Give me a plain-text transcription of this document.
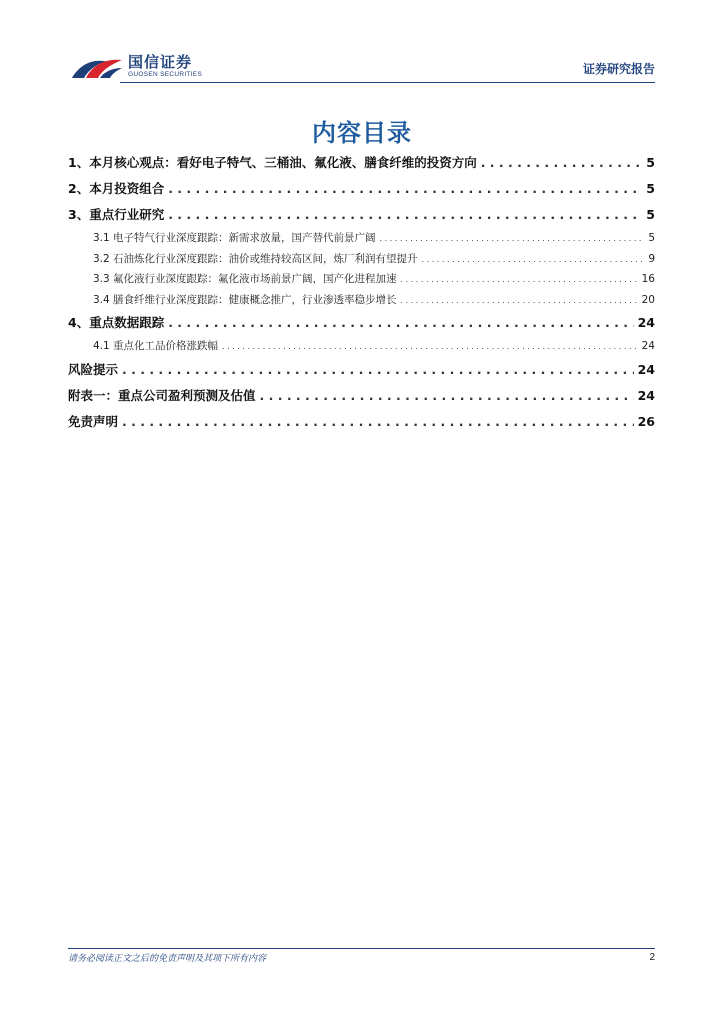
国信证券
GUOSEN SECURITIES	证券研究报告
内容目录
1、本月核心观点：看好电子特气、三桶油、氟化液、膳食纤维的投资方向 . . .	5
2、本月投资组合 . . .	5
3、重点行业研究 . . .	5
3.1 电子特气行业深度跟踪：新需求放量，国产替代前景广阔 . . .	5
3.2 石油炼化行业深度跟踪：油价或维持较高区间，炼厂利润有望提升 . . .	9
3.3 氟化液行业深度跟踪：氟化液市场前景广阔，国产化进程加速 . . .	16
3.4 膳食纤维行业深度跟踪：健康概念推广，行业渗透率稳步增长 . . .	20
4、重点数据跟踪 . . .	24
4.1 重点化工品价格涨跌幅 . . .	24
风险提示 . . .	24
附表一：重点公司盈利预测及估值 . . .	24
免责声明 . . .	26
请务必阅读正文之后的免责声明及其项下所有内容	2
